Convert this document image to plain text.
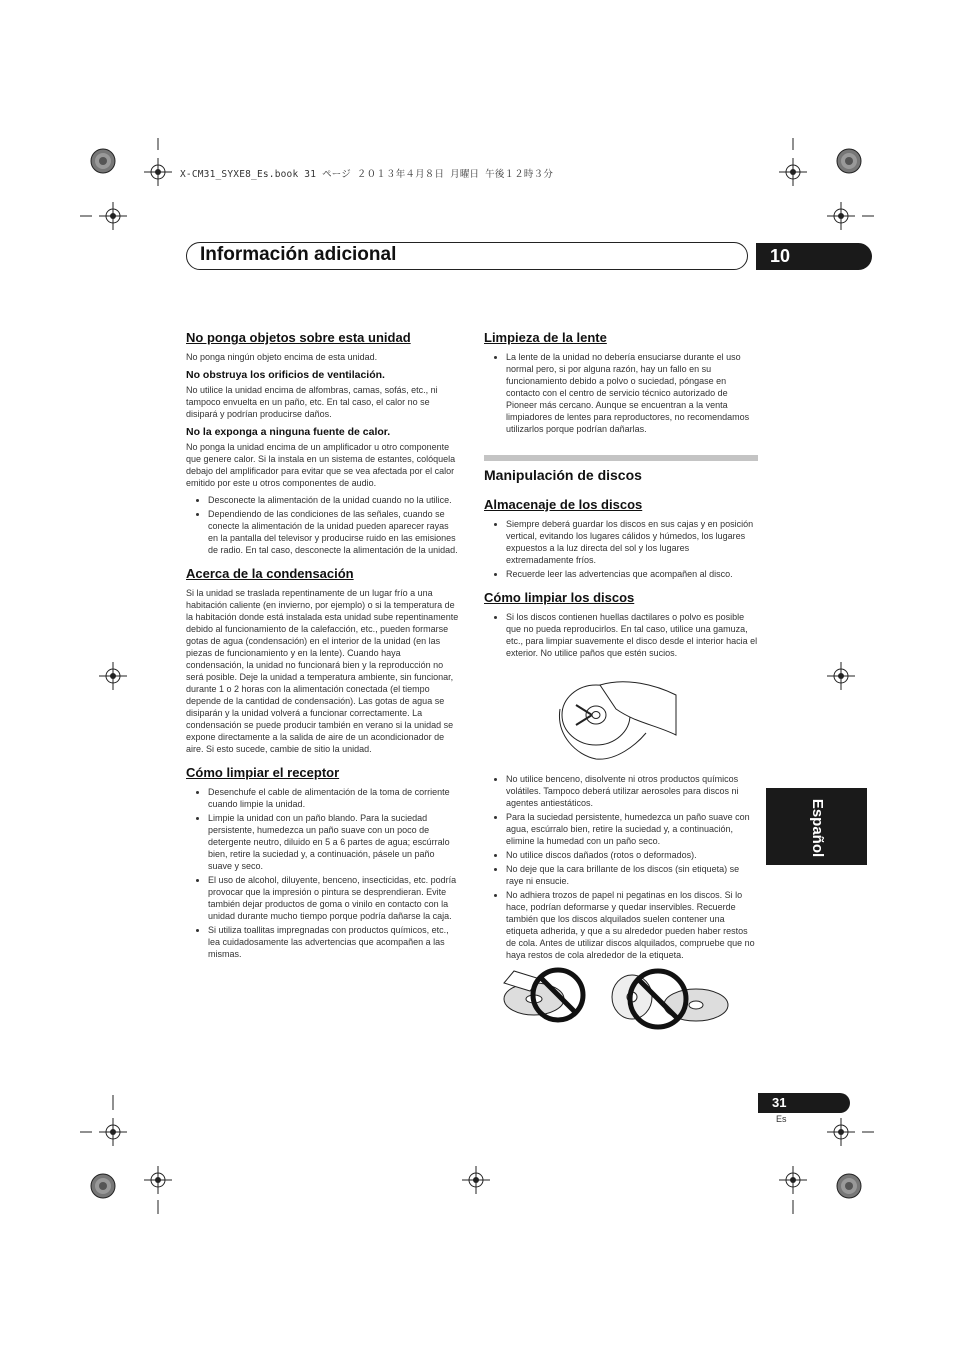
X-CM31_SYXE8_Es.book 31 ページ ２０１３年４月８日 月曜日 午後１２時３分
Información adicional	10
No ponga objetos sobre esta unidad

No ponga ningún objeto encima de esta unidad.

No obstruya los orificios de ventilación.

No utilice la unidad encima de alfombras, camas, sofás, etc., ni tampoco envuelta en un paño, etc. En tal caso, el calor no se disipará y podrían producirse daños.

No la exponga a ninguna fuente de calor.

No ponga la unidad encima de un amplificador u otro componente que genere calor. Si la instala en un sistema de estantes, colóquela debajo del amplificador para evitar que se vea afectada por el calor emitido por este u otros componentes de audio.

• Desconecte la alimentación de la unidad cuando no la utilice.
• Dependiendo de las condiciones de las señales, cuando se conecte la alimentación de la unidad pueden aparecer rayas en la pantalla del televisor y producirse ruido en las emisiones de radio. En tal caso, desconecte la alimentación de la unidad.
Acerca de la condensación

Si la unidad se traslada repentinamente de un lugar frío a una habitación caliente (en invierno, por ejemplo) o si la temperatura de la habitación donde está instalada esta unidad sube repentinamente debido al funcionamiento de la calefacción, etc., pueden formarse gotas de agua (condensación) en el interior de la unidad (en las piezas de funcionamiento y en la lente). Cuando haya condensación, la unidad no funcionará bien y la reproducción no será posible. Deje la unidad a temperatura ambiente, sin funcionar, durante 1 o 2 horas con la alimentación conectada (el tiempo depende de la cantidad de condensación). Las gotas de agua se disiparán y la unidad volverá a funcionar correctamente. La condensación se puede producir también en verano si la unidad se expone directamente a la salida de aire de un acondicionador de aire. Si esto sucede, cambie de sitio la unidad.

Cómo limpiar el receptor
• Desenchufe el cable de alimentación de la toma de corriente cuando limpie la unidad.
• Limpie la unidad con un paño blando. Para la suciedad persistente, humedezca un paño suave con un poco de detergente neutro, diluido en 5 a 6 partes de agua; escúrralo bien, retire la suciedad y, a continuación, pásele un paño suave y seco.
• El uso de alcohol, diluyente, benceno, insecticidas, etc. podría provocar que la impresión o pintura se desprendieran. Evite también dejar productos de goma o vinilo en contacto con la unidad durante mucho tiempo porque podría dañarse la caja.
• Si utiliza toallitas impregnadas con productos químicos, etc., lea cuidadosamente las advertencias que acompañen a las mismas.
Limpieza de la lente
• La lente de la unidad no debería ensuciarse durante el uso normal pero, si por alguna razón, hay un fallo en su funcionamiento debido a polvo o suciedad, póngase en contacto con el centro de servicio técnico autorizado de Pioneer más cercano. Aunque se encuentran a la venta limpiadores de lentes para reproductores, no recomendamos utilizarlos porque podrían dañarlas.
Manipulación de discos
Almacenaje de los discos
• Siempre deberá guardar los discos en sus cajas y en posición vertical, evitando los lugares cálidos y húmedos, los lugares expuestos a la luz directa del sol y los lugares extremadamente fríos.
• Recuerde leer las advertencias que acompañen al disco.
Cómo limpiar los discos
• Si los discos contienen huellas dactilares o polvo es posible que no pueda reproducirlos. En tal caso, utilice una gamuza, etc., para limpiar suavemente el disco desde el interior hacia el exterior. No utilice paños que estén sucios.
• No utilice benceno, disolvente ni otros productos químicos volátiles. Tampoco deberá utilizar aerosoles para discos ni agentes antiestáticos.
• Para la suciedad persistente, humedezca un paño suave con agua, escúrralo bien, retire la suciedad y, a continuación, elimine la humedad con un paño seco.
• No utilice discos dañados (rotos o deformados).
• No deje que la cara brillante de los discos (sin etiqueta) se raye ni ensucie.
• No adhiera trozos de papel ni pegatinas en los discos. Si lo hace, podrían deformarse y quedar inservibles. Recuerde también que los discos alquilados suelen contener una etiqueta adherida, y que a su alrededor pueden haber restos de cola. Antes de utilizar discos alquilados, compruebe que no haya restos de cola alrededor de la etiqueta.
Español
31
Es
